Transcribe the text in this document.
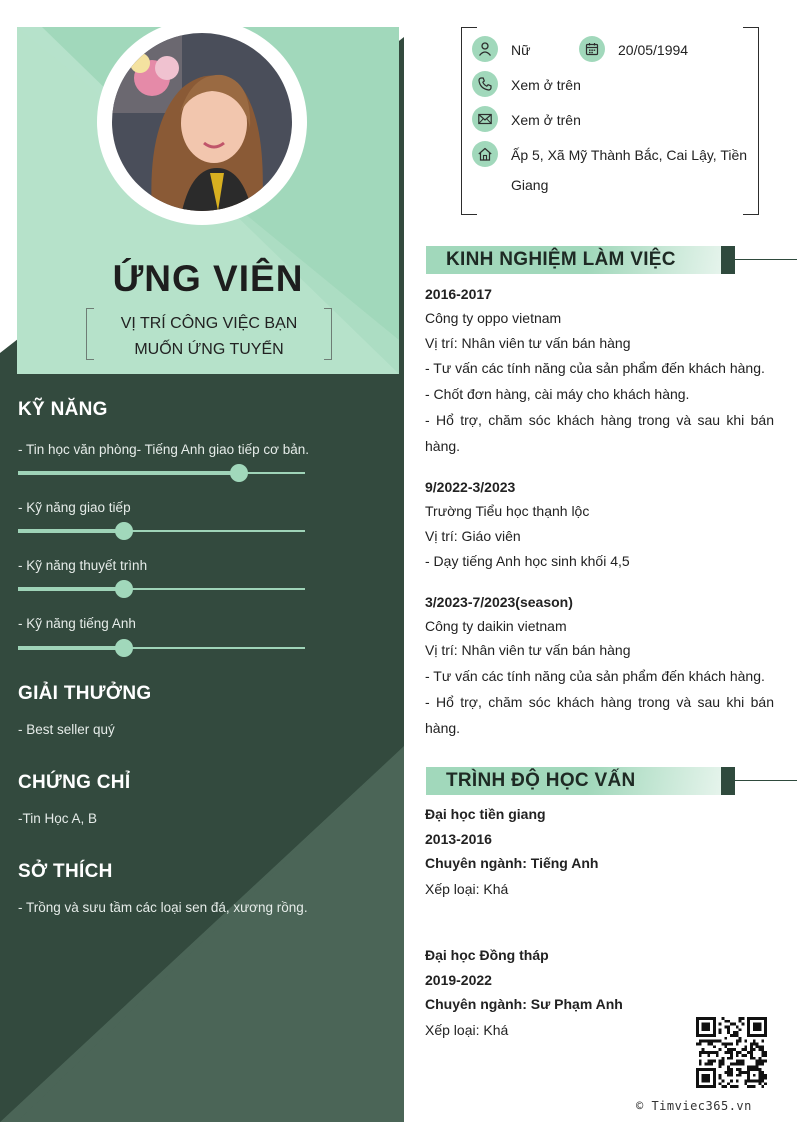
ỨNG VIÊN
VỊ TRÍ CÔNG VIỆC BẠN
MUỐN ỨNG TUYỂN
KỸ NĂNG
- Tin học văn phòng- Tiếng Anh giao tiếp cơ bản.
- Kỹ năng giao tiếp
- Kỹ năng thuyết trình
- Kỹ năng tiếng Anh
GIẢI THƯỞNG
- Best seller quý
CHỨNG CHỈ
-Tin Học A, B
SỞ THÍCH
- Trồng và sưu tầm các loại sen đá, xương rồng.
Nữ	20/05/1994
Xem ở trên
Xem ở trên
Ấp 5, Xã Mỹ Thành Bắc, Cai Lậy, Tiền
Giang
KINH NGHIỆM LÀM VIỆC
2016-2017
Công ty oppo vietnam
Vị trí: Nhân viên tư vấn bán hàng
- Tư vấn các tính năng của sản phẩm đến khách hàng.
- Chốt đơn hàng, cài máy cho khách hàng.
- Hổ trợ, chăm sóc khách hàng trong và sau khi bán
hàng.
9/2022-3/2023
Trường Tiểu học thạnh lộc
Vị trí: Giáo viên
- Dạy tiếng Anh học sinh khối 4,5
3/2023-7/2023(season)
Công ty daikin vietnam
Vị trí: Nhân viên tư vấn bán hàng
- Tư vấn các tính năng của sản phẩm đến khách hàng.
- Hổ trợ, chăm sóc khách hàng trong và sau khi bán
hàng.
TRÌNH ĐỘ HỌC VẤN
Đại học tiền giang
2013-2016
Chuyên ngành: Tiếng Anh
Xếp loại: Khá
Đại học Đồng tháp
2019-2022
Chuyên ngành: Sư Phạm Anh
Xếp loại: Khá
© Timviec365.vn
